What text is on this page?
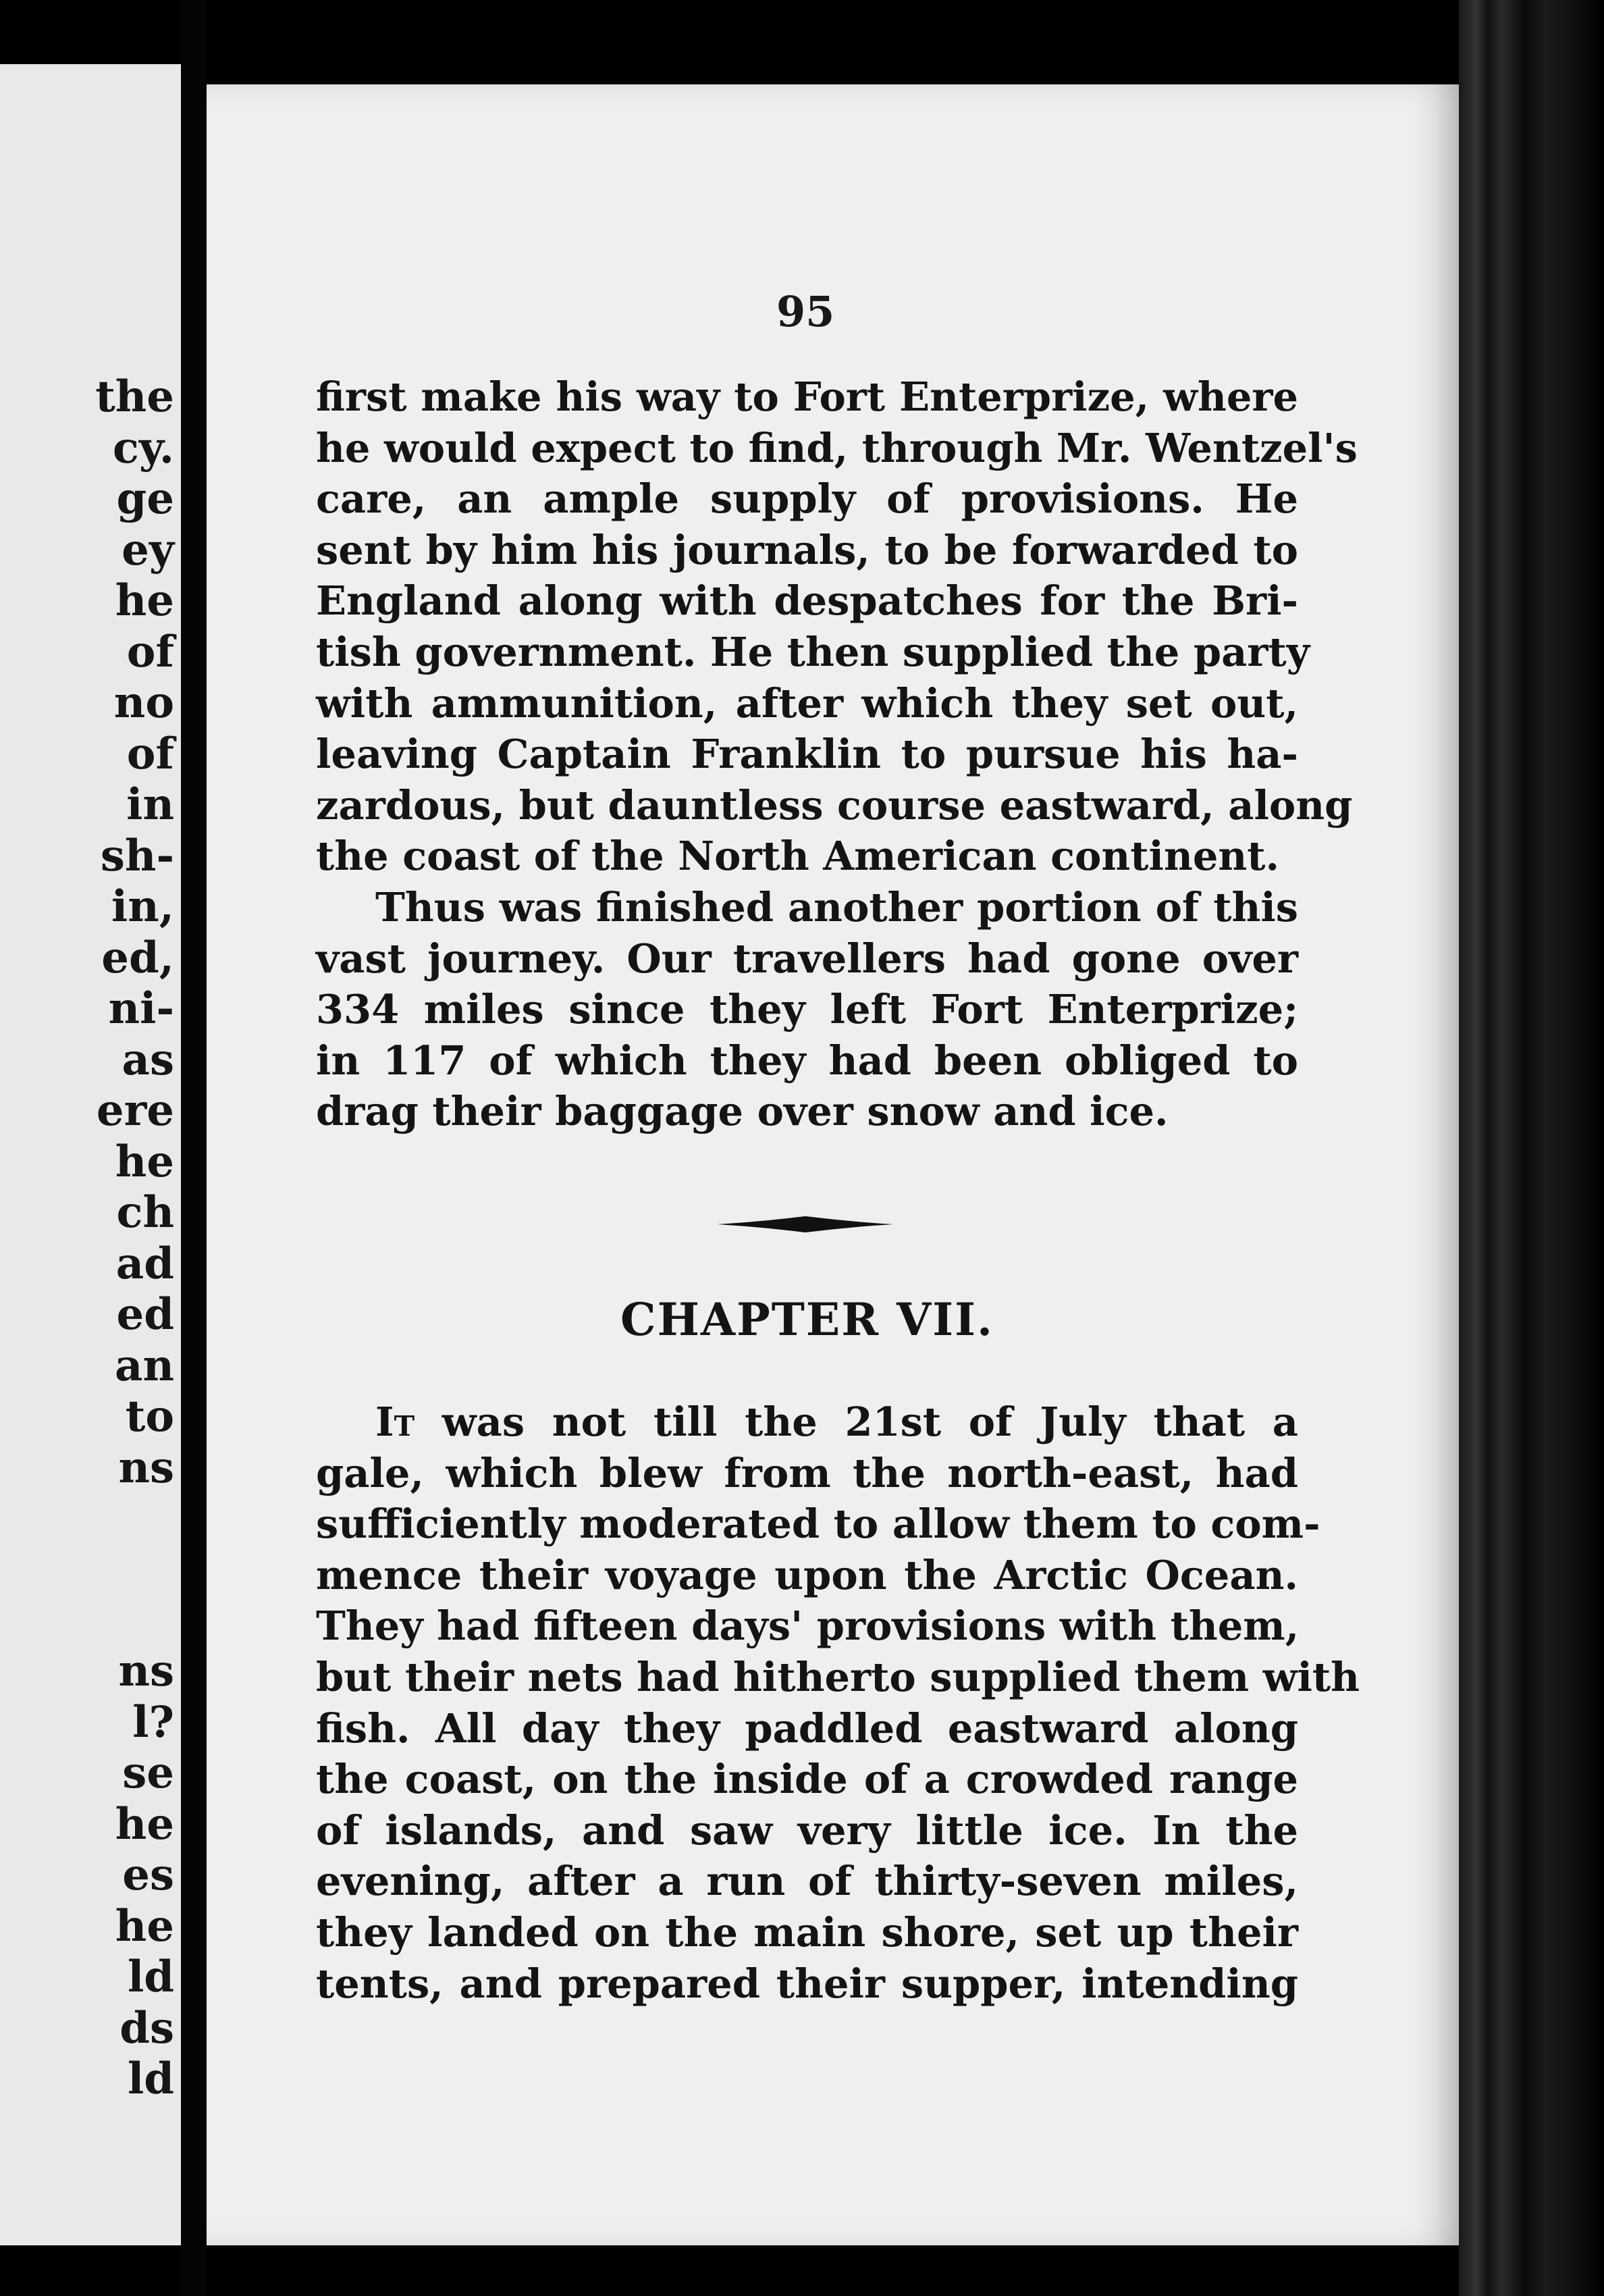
the
cy.
ge
ey
he
of
no
of
in
sh-
in,
ed,
ni-
as
ere
he
ch
ad
ed
an
to
ns
ns
l?
se
he
es
he
ld
ds
ld
95
first make his way to Fort Enterprize, where
he would expect to find, through Mr. Wentzel's
care, an ample supply of provisions. He
sent by him his journals, to be forwarded to
England along with despatches for the Bri-
tish government. He then supplied the party
with ammunition, after which they set out,
leaving Captain Franklin to pursue his ha-
zardous, but dauntless course eastward, along
the coast of the North American continent.
Thus was finished another portion of this
vast journey. Our travellers had gone over
334 miles since they left Fort Enterprize;
in 117 of which they had been obliged to
drag their baggage over snow and ice.
CHAPTER VII.
It was not till the 21st of July that a
gale, which blew from the north-east, had
sufficiently moderated to allow them to com-
mence their voyage upon the Arctic Ocean.
They had fifteen days' provisions with them,
but their nets had hitherto supplied them with
fish. All day they paddled eastward along
the coast, on the inside of a crowded range
of islands, and saw very little ice. In the
evening, after a run of thirty-seven miles,
they landed on the main shore, set up their
tents, and prepared their supper, intending
